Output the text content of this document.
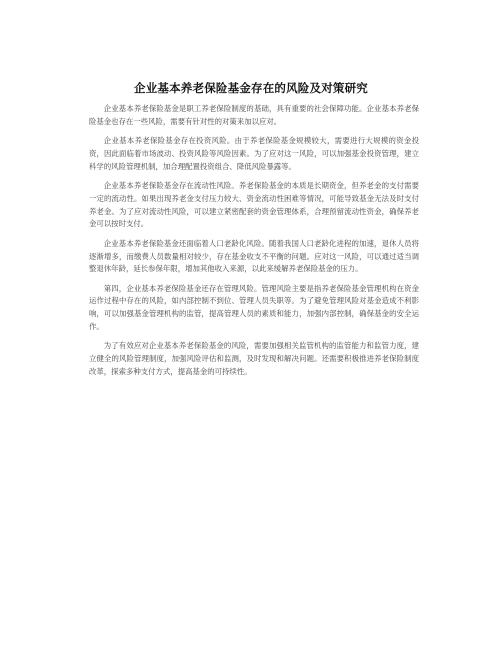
企业基本养老保险基金存在的风险及对策研究

企业基本养老保险基金是职工养老保险制度的基础，具有重要的社会保障功能。企业基本养老保险基金也存在一些风险，需要有针对性的对策来加以应对。

企业基本养老保险基金存在投资风险。由于养老保险基金规模较大，需要进行大规模的资金投资，因此面临着市场波动、投资风险等风险因素。为了应对这一风险，可以加强基金投资管理，建立科学的风险管理机制，加合理配置投资组合、降低风险暴露等。

企业基本养老保险基金存在流动性风险。养老保险基金的本质是长期资金，但养老金的支付需要一定的流动性。如果出现养老金支付压力较大、资金流动性困难等情况，可能导致基金无法及时支付养老金。为了应对流动性风险，可以建立紧密配套的资金管理体系，合理预留流动性资金，确保养老金可以按时支付。

企业基本养老保险基金还面临着人口老龄化风险。随着我国人口老龄化进程的加速，退休人员将逐渐增多，而缴费人员数量相对较少，存在基金收支不平衡的问题。应对这一风险，可以通过适当调整退休年龄，延长参保年限，增加其他收入来源，以此来缓解养老保险基金的压力。

第四，企业基本养老保险基金还存在管理风险。管理风险主要是指养老保险基金管理机构在资金运作过程中存在的风险，如内部控制不到位、管理人员失职等。为了避免管理风险对基金造成不利影响，可以加强基金管理机构的监管，提高管理人员的素质和能力，加强内部控制，确保基金的安全运作。

为了有效应对企业基本养老保险基金的风险，需要加强相关监管机构的监管能力和监管力度，建立健全的风险管理制度，加强风险评估和监测，及时发现和解决问题。还需要积极推进养老保险制度改革，探索多种支付方式，提高基金的可持续性。
